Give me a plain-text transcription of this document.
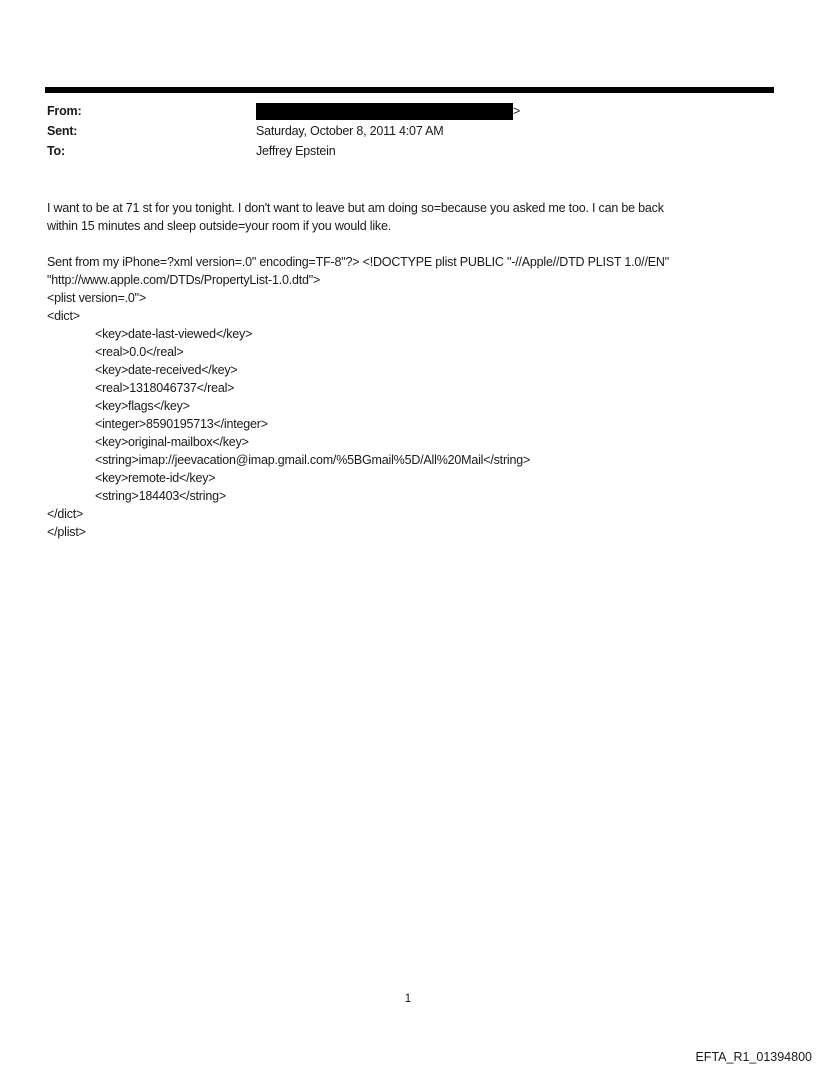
From:	>
Sent:	Saturday, October 8, 2011 4:07 AM
To:	Jeffrey Epstein
I want to be at 71 st for you tonight. I don't want to leave but am doing so=because you asked me too. I can be back
within 15 minutes and sleep outside=your room if you would like.

Sent from my iPhone=?xml version=.0" encoding=TF-8"?> <!DOCTYPE plist PUBLIC "-//Apple//DTD PLIST 1.0//EN"
"http://www.apple.com/DTDs/PropertyList-1.0.dtd">
<plist version=.0">
<dict>
<key>date-last-viewed</key>
<real>0.0</real>
<key>date-received</key>
<real>1318046737</real>
<key>flags</key>
<integer>8590195713</integer>
<key>original-mailbox</key>
<string>imap://jeevacation@imap.gmail.com/%5BGmail%5D/All%20Mail</string>
<key>remote-id</key>
<string>184403</string>
</dict>
</plist>
1
EFTA_R1_01394800
